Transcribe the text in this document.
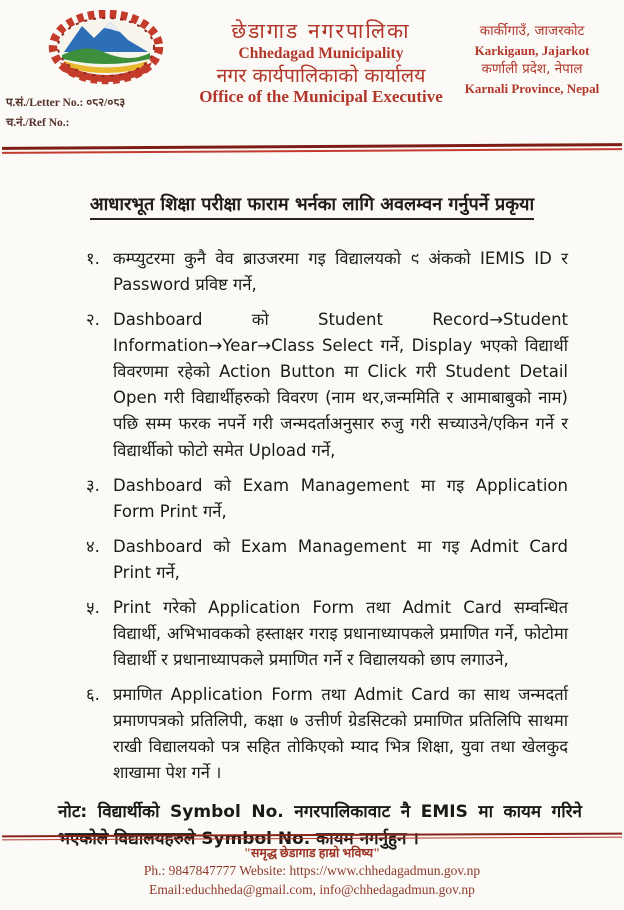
प.सं./Letter No.: ०८२/०८३
च.नं./Ref No.:
छेडागाड नगरपालिका
Chhedagad Municipality
नगर कार्यपालिकाको कार्यालय
Office of the Municipal Executive
कार्कीगाउँ, जाजरकोट
Karkigaun, Jajarkot
कर्णाली प्रदेश, नेपाल
Karnali Province, Nepal
आधारभूत शिक्षा परीक्षा फाराम भर्नका लागि अवलम्वन गर्नुपर्ने प्रकृया
१. कम्प्युटरमा कुनै वेव ब्राउजरमा गइ विद्यालयको ९ अंकको IEMIS ID र Password प्रविष्ट गर्ने,
२. Dashboard को Student Record→Student Information→Year→Class Select गर्ने, Display भएको विद्यार्थी विवरणमा रहेको Action Button मा Click गरी Student Detail Open गरी विद्यार्थीहरुको विवरण (नाम थर,जन्ममिति र आमाबाबुको नाम) पछि सम्म फरक नपर्ने गरी जन्मदर्ताअनुसार रुजु गरी सच्याउने/एकिन गर्ने र विद्यार्थीको फोटो समेत Upload गर्ने,
३. Dashboard को Exam Management मा गइ Application Form Print गर्ने,
४. Dashboard को Exam Management मा गइ Admit Card Print गर्ने,
५. Print गरेको Application Form तथा Admit Card सम्वन्धित विद्यार्थी, अभिभावकको हस्ताक्षर गराइ प्रधानाध्यापकले प्रमाणित गर्ने, फोटोमा विद्यार्थी र प्रधानाध्यापकले प्रमाणित गर्ने र विद्यालयको छाप लगाउने,
६. प्रमाणित Application Form तथा Admit Card का साथ जन्मदर्ता प्रमाणपत्रको प्रतिलिपी, कक्षा ७ उत्तीर्ण ग्रेडसिटको प्रमाणित प्रतिलिपि साथमा राखी विद्यालयको पत्र सहित तोकिएको म्याद भित्र शिक्षा, युवा तथा खेलकुद शाखामा पेश गर्ने ।

नोट: विद्यार्थीको Symbol No. नगरपालिकावाट नै EMIS मा कायम गरिने भएकोले विद्यालयहरुले Symbol No. कायम नगर्नुहुन ।

"समृद्ध छेडागाड हाम्रो भविष्य"
Ph.: 9847847777 Website: https://www.chhedagadmun.gov.np
Email:educhheda@gmail.com, info@chhedagadmun.gov.np
